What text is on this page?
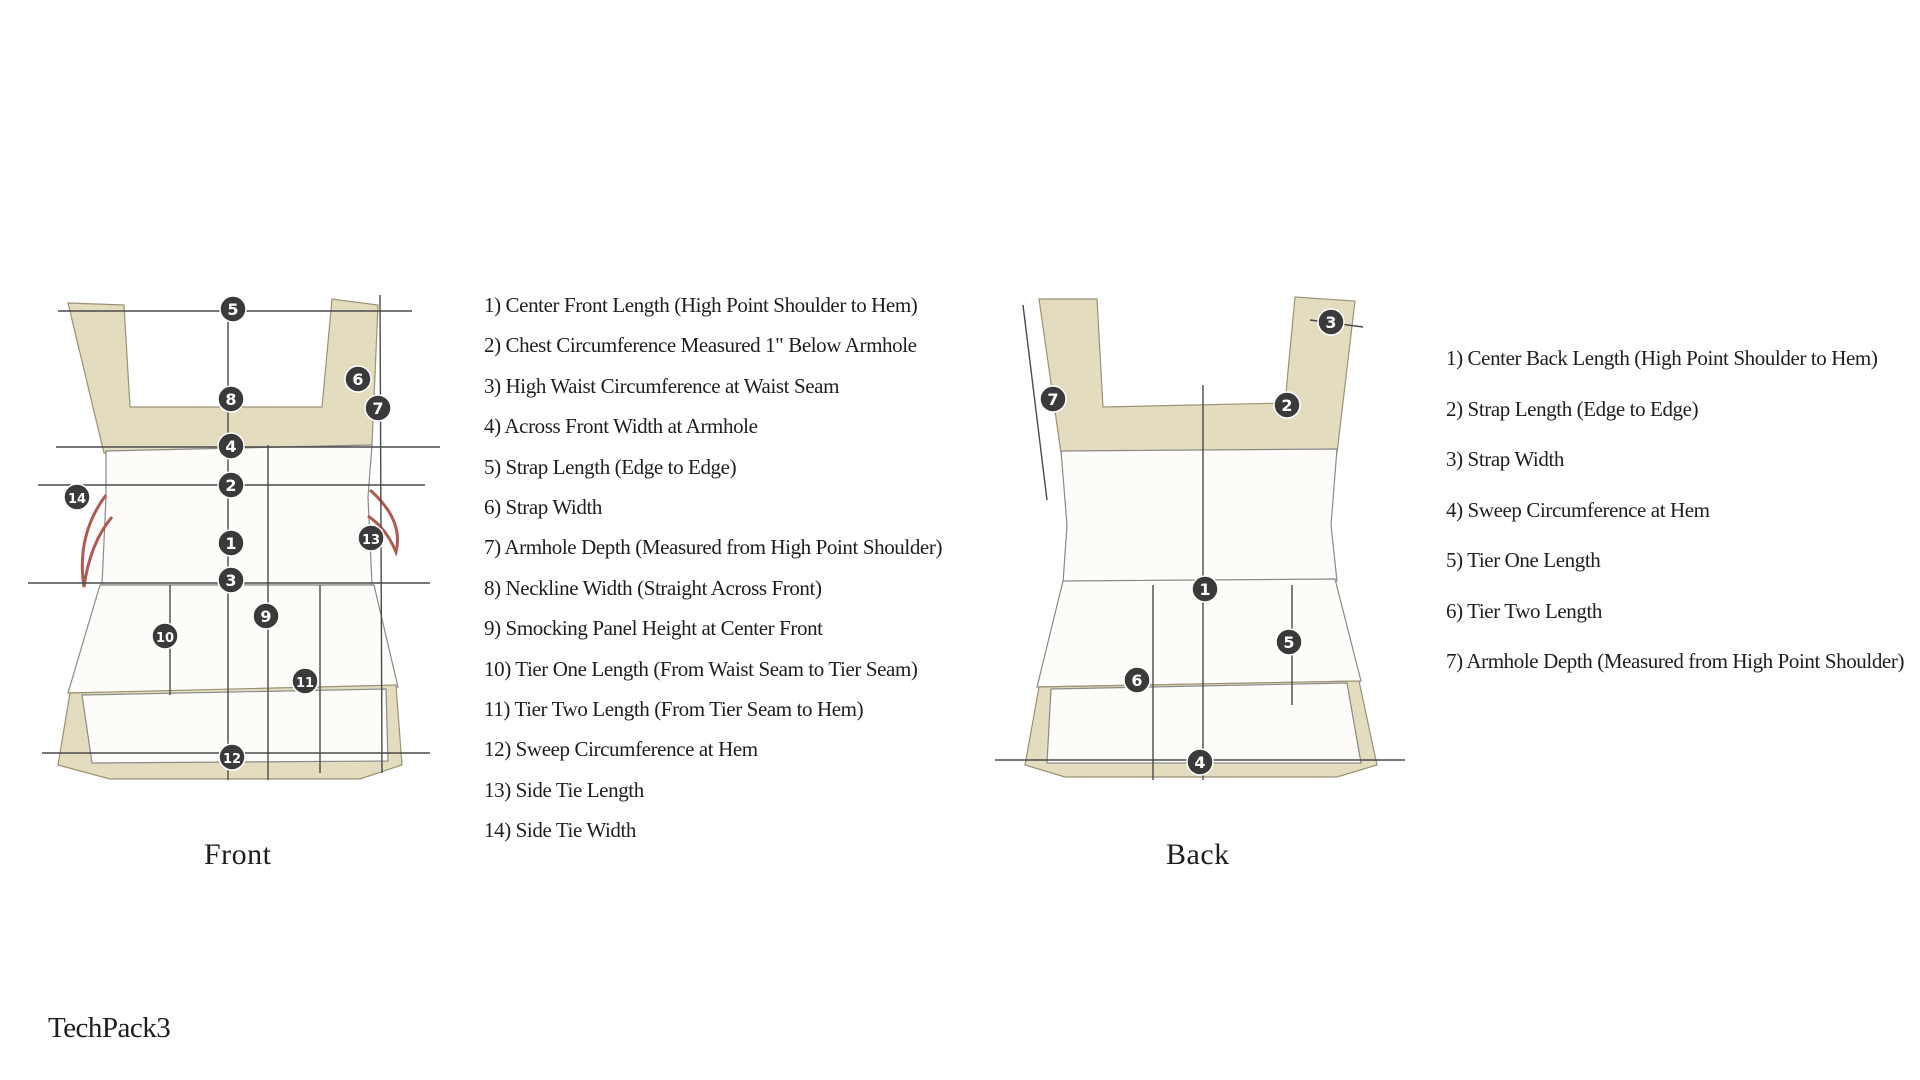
5
6
7
8
4
2
14
13
1
3
9
10
11
12
Front
1) Center Front Length (High Point Shoulder to Hem)
2) Chest Circumference Measured 1" Below Armhole
3) High Waist Circumference at Waist Seam
4) Across Front Width at Armhole
5) Strap Length (Edge to Edge)
6) Strap Width
7) Armhole Depth (Measured from High Point Shoulder)
8) Neckline Width (Straight Across Front)
9) Smocking Panel Height at Center Front
10) Tier One Length (From Waist Seam to Tier Seam)
11) Tier Two Length (From Tier Seam to Hem)
12) Sweep Circumference at Hem
13) Side Tie Length
14) Side Tie Width
3
7	2
1
5
6
4
Back
1) Center Back Length (High Point Shoulder to Hem)
2) Strap Length (Edge to Edge)
3) Strap Width
4) Sweep Circumference at Hem
5) Tier One Length
6) Tier Two Length
7) Armhole Depth (Measured from High Point Shoulder)
TechPack3
